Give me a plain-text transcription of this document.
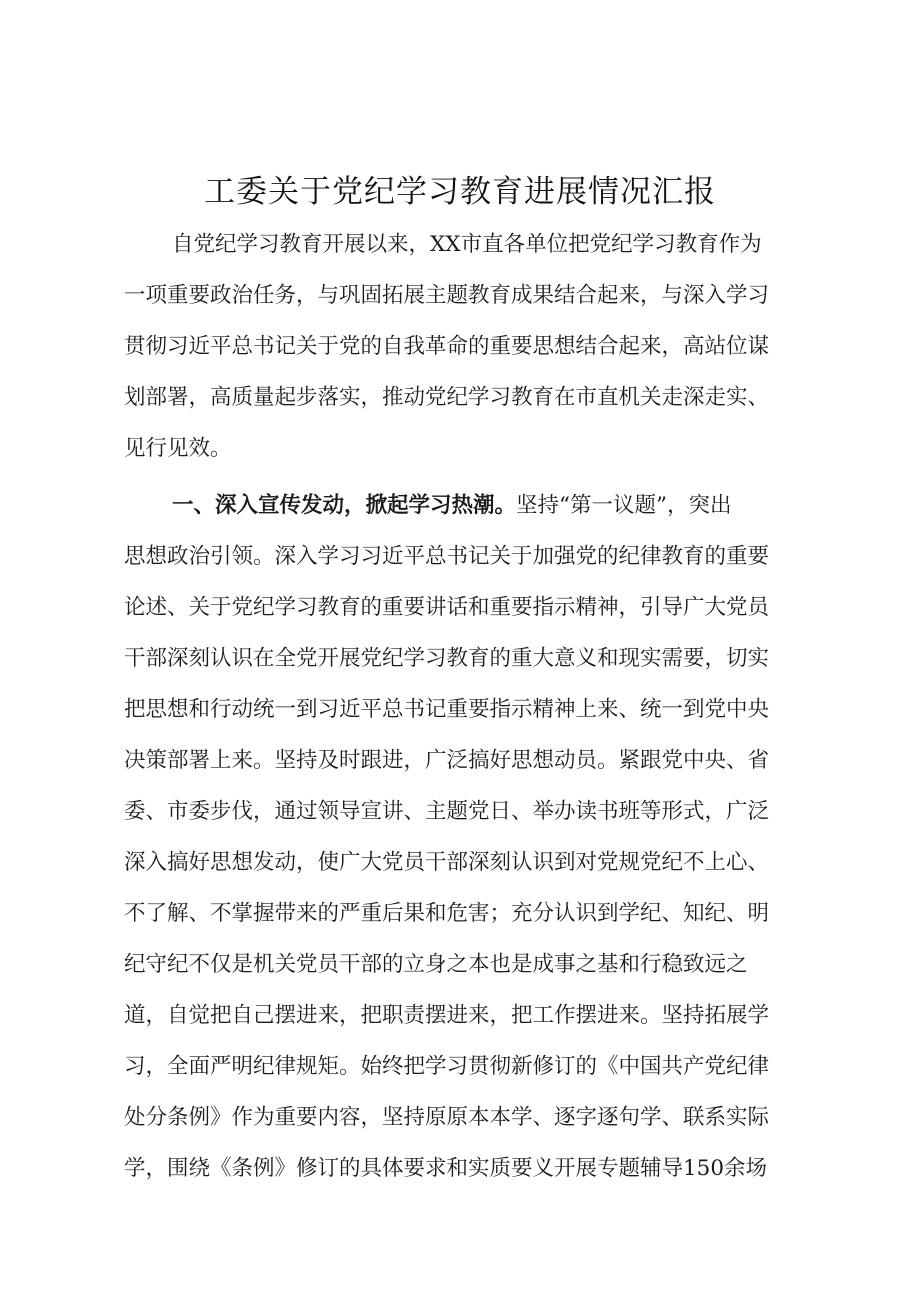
工委关于党纪学习教育进展情况汇报
自党纪学习教育开展以来，XX市直各单位把党纪学习教育作为
一项重要政治任务，与巩固拓展主题教育成果结合起来，与深入学习
贯彻习近平总书记关于党的自我革命的重要思想结合起来，高站位谋
划部署，高质量起步落实，推动党纪学习教育在市直机关走深走实、
见行见效。
一、深入宣传发动，掀起学习热潮。坚持“第一议题”，突出
思想政治引领。深入学习习近平总书记关于加强党的纪律教育的重要
论述、关于党纪学习教育的重要讲话和重要指示精神，引导广大党员
干部深刻认识在全党开展党纪学习教育的重大意义和现实需要，切实
把思想和行动统一到习近平总书记重要指示精神上来、统一到党中央
决策部署上来。坚持及时跟进，广泛搞好思想动员。紧跟党中央、省
委、市委步伐，通过领导宣讲、主题党日、举办读书班等形式，广泛
深入搞好思想发动，使广大党员干部深刻认识到对党规党纪不上心、
不了解、不掌握带来的严重后果和危害；充分认识到学纪、知纪、明
纪守纪不仅是机关党员干部的立身之本也是成事之基和行稳致远之
道，自觉把自己摆进来，把职责摆进来，把工作摆进来。坚持拓展学
习，全面严明纪律规矩。始终把学习贯彻新修订的《中国共产党纪律
处分条例》作为重要内容，坚持原原本本学、逐字逐句学、联系实际
学，围绕《条例》修订的具体要求和实质要义开展专题辅导150余场
